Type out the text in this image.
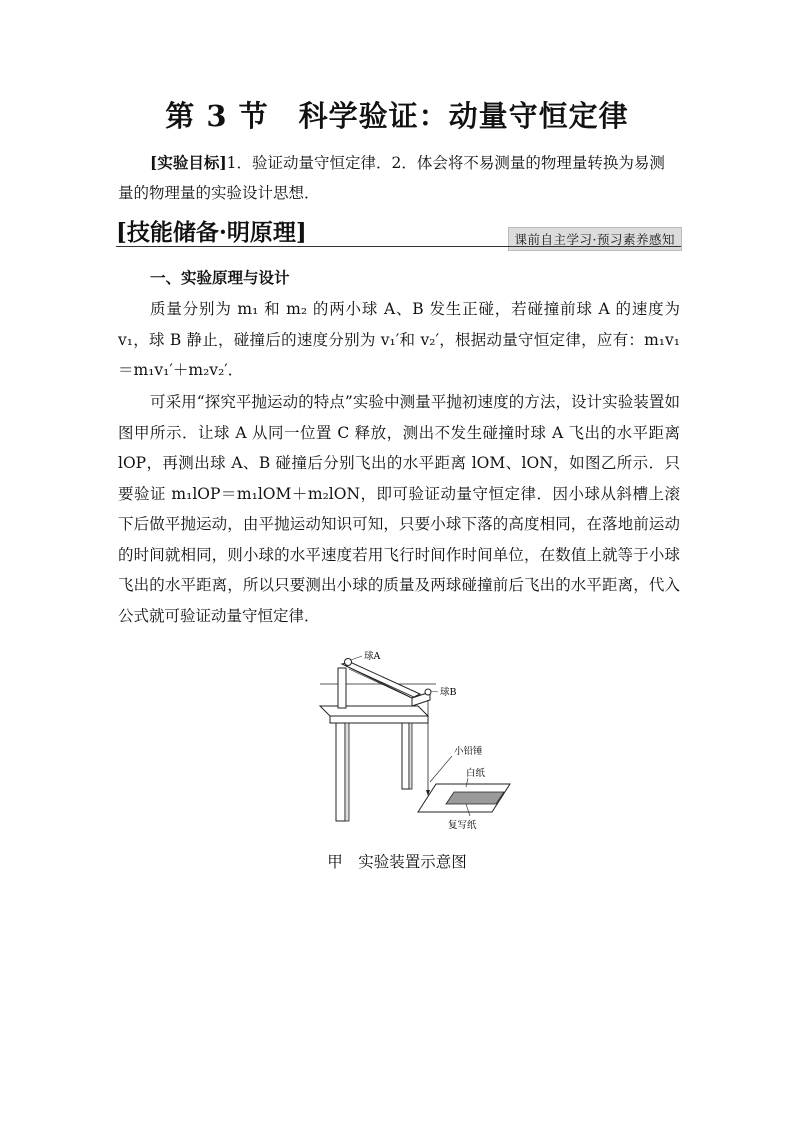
第 3 节 科学验证：动量守恒定律
[实验目标]1．验证动量守恒定律．2．体会将不易测量的物理量转换为易测量的物理量的实验设计思想．
[技能储备·明原理]	课前自主学习·预习素养感知
一、实验原理与设计
质量分别为 m₁ 和 m₂ 的两小球 A、B 发生正碰，若碰撞前球 A 的速度为 v₁，球 B 静止，碰撞后的速度分别为 v₁′和 v₂′，根据动量守恒定律，应有：m₁v₁＝m₁v₁′＋m₂v₂′．
可采用“探究平抛运动的特点”实验中测量平抛初速度的方法，设计实验装置如图甲所示．让球 A 从同一位置 C 释放，测出不发生碰撞时球 A 飞出的水平距离 lOP，再测出球 A、B 碰撞后分别飞出的水平距离 lOM、lON，如图乙所示．只要验证 m₁lOP＝m₁lOM＋m₂lON，即可验证动量守恒定律．因小球从斜槽上滚下后做平抛运动，由平抛运动知识可知，只要小球下落的高度相同，在落地前运动的时间就相同，则小球的水平速度若用飞行时间作时间单位，在数值上就等于小球飞出的水平距离，所以只要测出小球的质量及两球碰撞前后飞出的水平距离，代入公式就可验证动量守恒定律．
球A
球B
小铅锤
白纸
复写纸
甲　实验装置示意图
